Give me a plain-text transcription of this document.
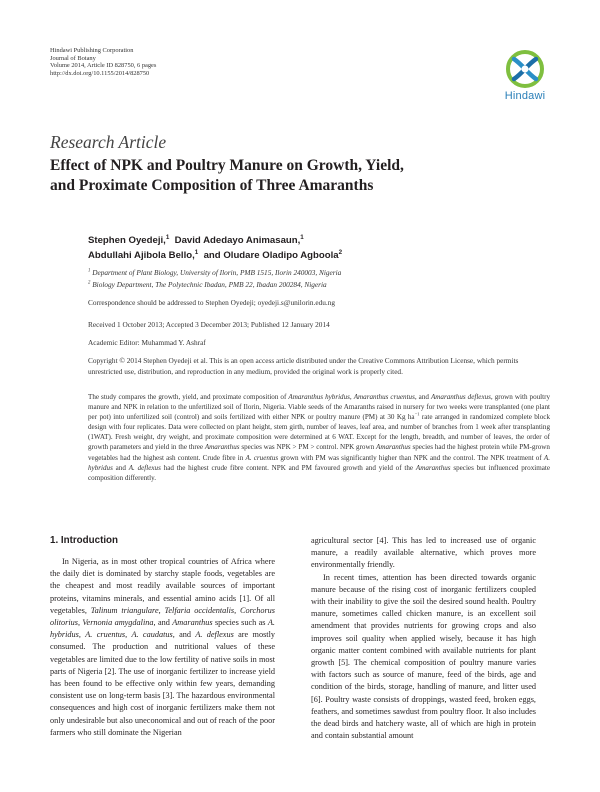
Hindawi Publishing Corporation
Journal of Botany
Volume 2014, Article ID 828750, 6 pages
http://dx.doi.org/10.1155/2014/828750
Hindawi
Research Article
Effect of NPK and Poultry Manure on Growth, Yield,
and Proximate Composition of Three Amaranths
Stephen Oyedeji,$^1$ David Adedayo Animasaun,$^1$
Abdullahi Ajibola Bello,$^1$ and Oludare Oladipo Agboola$^2$
$^1$ Department of Plant Biology, University of Ilorin, PMB 1515, Ilorin 240003, Nigeria
$^2$ Biology Department, The Polytechnic Ibadan, PMB 22, Ibadan 200284, Nigeria
Correspondence should be addressed to Stephen Oyedeji; oyedeji.s@unilorin.edu.ng
Received 1 October 2013; Accepted 3 December 2013; Published 12 January 2014
Academic Editor: Muhammad Y. Ashraf
Copyright © 2014 Stephen Oyedeji et al. This is an open access article distributed under the Creative Commons Attribution License, which permits unrestricted use, distribution, and reproduction in any medium, provided the original work is properly cited.
The study compares the growth, yield, and proximate composition of Amaranthus hybridus, Amaranthus cruentus, and Amaranthus deflexus, grown with poultry manure and NPK in relation to the unfertilized soil of Ilorin, Nigeria. Viable seeds of the Amaranths raised in nursery for two weeks were transplanted (one plant per pot) into unfertilized soil (control) and soils fertilized with either NPK or poultry manure (PM) at 30 Kg $ha^{-1}$ rate arranged in randomized complete block design with four replicates. Data were collected on plant height, stem girth, number of leaves, leaf area, and number of branches from 1 week after transplanting (1WAT). Fresh weight, dry weight, and proximate composition were determined at 6 WAT. Except for the length, breadth, and number of leaves, the order of growth parameters and yield in the three Amaranthus species was NPK > PM > control. NPK grown Amaranthus species had the highest protein while PM-grown vegetables had the highest ash content. Crude fibre in A. cruentus grown with PM was significantly higher than NPK and the control. The NPK treatment of A. hybridus and A. deflexus had the highest crude fibre content. NPK and PM favoured growth and yield of the Amaranthus species but influenced proximate composition differently.
1. Introduction

In Nigeria, as in most other tropical countries of Africa where the daily diet is dominated by starchy staple foods, vegetables are the cheapest and most readily available sources of important proteins, vitamins minerals, and essential amino acids [1]. Of all vegetables, Talinum triangulare, Telfaria occidentalis, Corchorus olitorius, Vernonia amygdalina, and Amaranthus species such as A. hybridus, A. cruentus, A. caudatus, and A. deflexus are mostly consumed. The production and nutritional values of these vegetables are limited due to the low fertility of native soils in most parts of Nigeria [2]. The use of inorganic fertilizer to increase yield has been found to be effective only within few years, demanding consistent use on long-term basis [3]. The hazardous environmental consequences and high cost of inorganic fertilizers make them not only undesirable but also uneconomical and out of reach of the poor farmers who still dominate the Nigerian

agricultural sector [4]. This has led to increased use of organic manure, a readily available alternative, which proves more environmentally friendly.

In recent times, attention has been directed towards organic manure because of the rising cost of inorganic fertilizers coupled with their inability to give the soil the desired sound health. Poultry manure, sometimes called chicken manure, is an excellent soil amendment that provides nutrients for growing crops and also improves soil quality when applied wisely, because it has high organic matter content combined with available nutrients for plant growth [5]. The chemical composition of poultry manure varies with factors such as source of manure, feed of the birds, age and condition of the birds, storage, handling of manure, and litter used [6]. Poultry waste consists of droppings, wasted feed, broken eggs, feathers, and sometimes sawdust from poultry floor. It also includes the dead birds and hatchery waste, all of which are high in protein and contain substantial amount
